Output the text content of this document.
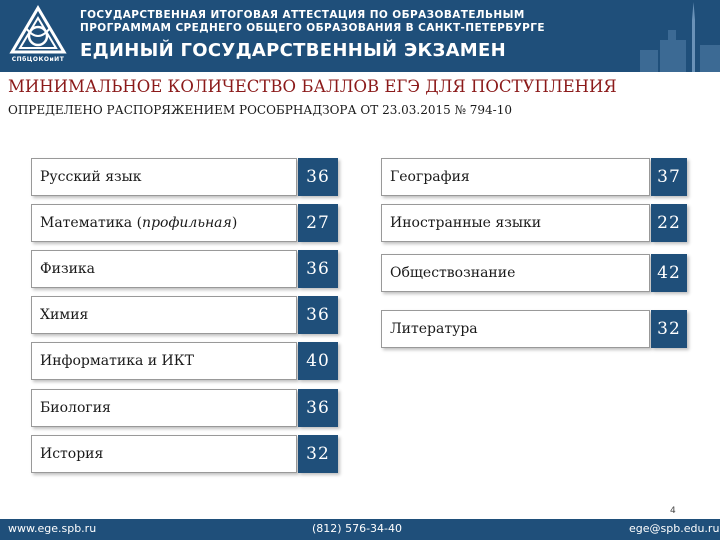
СПбЦОКОиИТ
ГОСУДАРСТВЕННАЯ ИТОГОВАЯ АТТЕСТАЦИЯ ПО ОБРАЗОВАТЕЛЬНЫМ
ПРОГРАММАМ СРЕДНЕГО ОБЩЕГО ОБРАЗОВАНИЯ В САНКТ-ПЕТЕРБУРГЕ
ЕДИНЫЙ ГОСУДАРСТВЕННЫЙ ЭКЗАМЕН
МИНИМАЛЬНОЕ КОЛИЧЕСТВО БАЛЛОВ ЕГЭ ДЛЯ ПОСТУПЛЕНИЯ
ОПРЕДЕЛЕНО РАСПОРЯЖЕНИЕМ РОСОБРНАДЗОРА ОТ 23.03.2015 № 794-10
Русский язык	36
Математика ( профильная )	27
Физика	36
Химия	36
Информатика и ИКТ	40
Биология	36
История	32
География	37
Иностранные языки	22
Обществознание	42
Литература	32
4
www.ege.spb.ru	(812) 576-34-40	ege@spb.edu.ru
